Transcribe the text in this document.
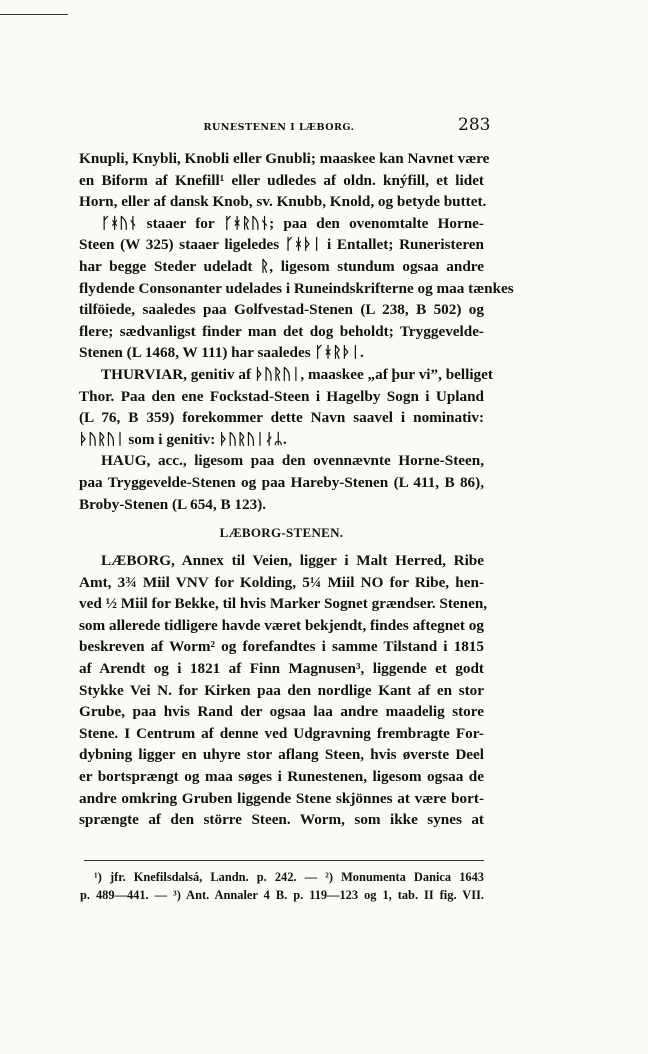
RUNESTENEN I LÆBORG.	283
Knupli, Knybli, Knobli eller Gnubli; maaskee kan Navnet være
en Biform af Knefill¹ eller udledes af oldn. knýfill, et lidet
Horn, eller af dansk Knob, sv. Knubb, Knold, og betyde buttet.
ᚴᚼᚢᚾ staaer for ᚴᚼᚱᚢᚾ; paa den ovenomtalte Horne-
Steen (W 325) staaer ligeledes ᚴᚼᚦᛁ i Entallet; Runeristeren
har begge Steder udeladt ᚱ, ligesom stundum ogsaa andre
flydende Consonanter udelades i Runeindskrifterne og maa tænkes
tilföiede, saaledes paa Golfvestad-Stenen (L 238, B 502) og
flere; sædvanligst finder man det dog beholdt; Tryggevelde-
Stenen (L 1468, W 111) har saaledes ᚴᚼᚱᚦᛁ.
THURVIAR, genitiv af ᚦᚢᚱᚢᛁ, maaskee „af þur vi”, belliget
Thor. Paa den ene Fockstad-Steen i Hagelby Sogn i Upland
(L 76, B 359) forekommer dette Navn saavel i nominativ:
ᚦᚢᚱᚢᛁ som i genitiv: ᚦᚢᚱᚢᛁᛅᛦ.
HAUG, acc., ligesom paa den ovennævnte Horne-Steen,
paa Tryggevelde-Stenen og paa Hareby-Stenen (L 411, B 86),
Broby-Stenen (L 654, B 123).
LÆBORG-STENEN.
LÆBORG, Annex til Veien, ligger i Malt Herred, Ribe
Amt, 3¾ Miil VNV for Kolding, 5¼ Miil NO for Ribe, hen-
ved ½ Miil for Bekke, til hvis Marker Sognet grændser. Stenen,
som allerede tidligere havde været bekjendt, findes aftegnet og
beskreven af Worm² og forefandtes i samme Tilstand i 1815
af Arendt og i 1821 af Finn Magnusen³, liggende et godt
Stykke Vei N. for Kirken paa den nordlige Kant af en stor
Grube, paa hvis Rand der ogsaa laa andre maadelig store
Stene. I Centrum af denne ved Udgravning frembragte For-
dybning ligger en uhyre stor aflang Steen, hvis øverste Deel
er bortsprængt og maa søges i Runestenen, ligesom ogsaa de
andre omkring Gruben liggende Stene skjönnes at være bort-
sprængte af den större Steen. Worm, som ikke synes at
¹) jfr. Knefilsdalsá, Landn. p. 242. — ²) Monumenta Danica 1643
p. 489—441. — ³) Ant. Annaler 4 B. p. 119—123 og 1, tab. II fig. VII.
